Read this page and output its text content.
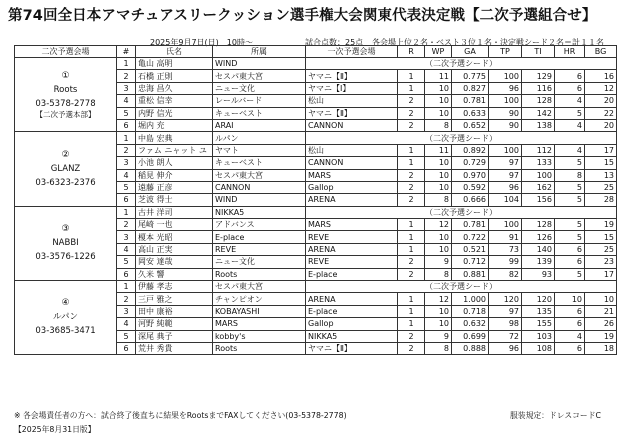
第74回全日本アマチュアスリークッション選手権大会関東代表決定戦【二次予選組合せ】
2025年9月7日(日)　10時～	試合点数：25点 各会場上位２名・ベスト３位１名・決定戦シード２名＝計１１名
二次予選会場	#	氏名	所属	一次予選会場	R	WP	GA	TP	TI	HR	BG
①
Roots
03-5378-2778
【二次予選本部】	1	亀山 高明	WIND	（二次予選シード）							
	2	石橋 正則	セスパ東大宮	ヤマニ【Ⅱ】	1	11	0.775	100	129	6	16
	3	忠海 昌久	ニュー文化	ヤマニ【Ⅰ】	1	10	0.827	96	116	6	12
	4	重松 信幸	レールバード	松山	2	10	0.781	100	128	4	20
	5	内野 信光	キューベスト	ヤマニ【Ⅱ】	2	10	0.633	90	142	5	22
	6	堀内 充	ARAI	CANNON	2	8	0.652	90	138	4	20
②
GLANZ
03-6323-2376	1	中島 宏典	ルパン	（二次予選シード）							
	2	ファム ニャット ユ	ヤマト	松山	1	11	0.892	100	112	4	17
	3	小池 朗人	キューベスト	CANNON	1	10	0.729	97	133	5	15
	4	稲見 伸介	セスパ東大宮	MARS	2	10	0.970	97	100	8	13
	5	遠藤 正彦	CANNON	Gallop	2	10	0.592	96	162	5	25
	6	芝波 得士	WIND	ARENA	2	8	0.666	104	156	5	28
③
NABBI
03-3576-1226	1	古井 洋司	NIKKA5	（二次予選シード）							
	2	尾崎 一也	アドバンス	MARS	1	12	0.781	100	128	5	19
	3	榎本 光昭	E-place	REVE	1	10	0.722	91	126	5	15
	4	高山 正実	REVE	ARENA	1	10	0.521	73	140	6	25
	5	岡安 達哉	ニュー文化	REVE	2	9	0.712	99	139	6	23
	6	久米 響	Roots	E-place	2	8	0.881	82	93	5	17
④
ルパン
03-3685-3471	1	伊藤 孝志	セスパ東大宮	（二次予選シード）							
	2	三戸 雅之	チャンピオン	ARENA	1	12	1.000	120	120	10	10
	3	田中 康裕	KOBAYASHI	E-place	1	10	0.718	97	135	6	21
	4	河野 純範	MARS	Gallop	1	10	0.632	98	155	6	26
	5	深尾 典子	kobby's	NIKKA5	2	9	0.699	72	103	4	19
	6	荒井 秀貴	Roots	ヤマニ【Ⅱ】	2	8	0.888	96	108	6	18
※ 各会場責任者の方へ：試合終了後直ちに結果をRootsまでFAXしてください(03-5378-2778)	服装規定：ドレスコードC
【2025年8月31日版】
